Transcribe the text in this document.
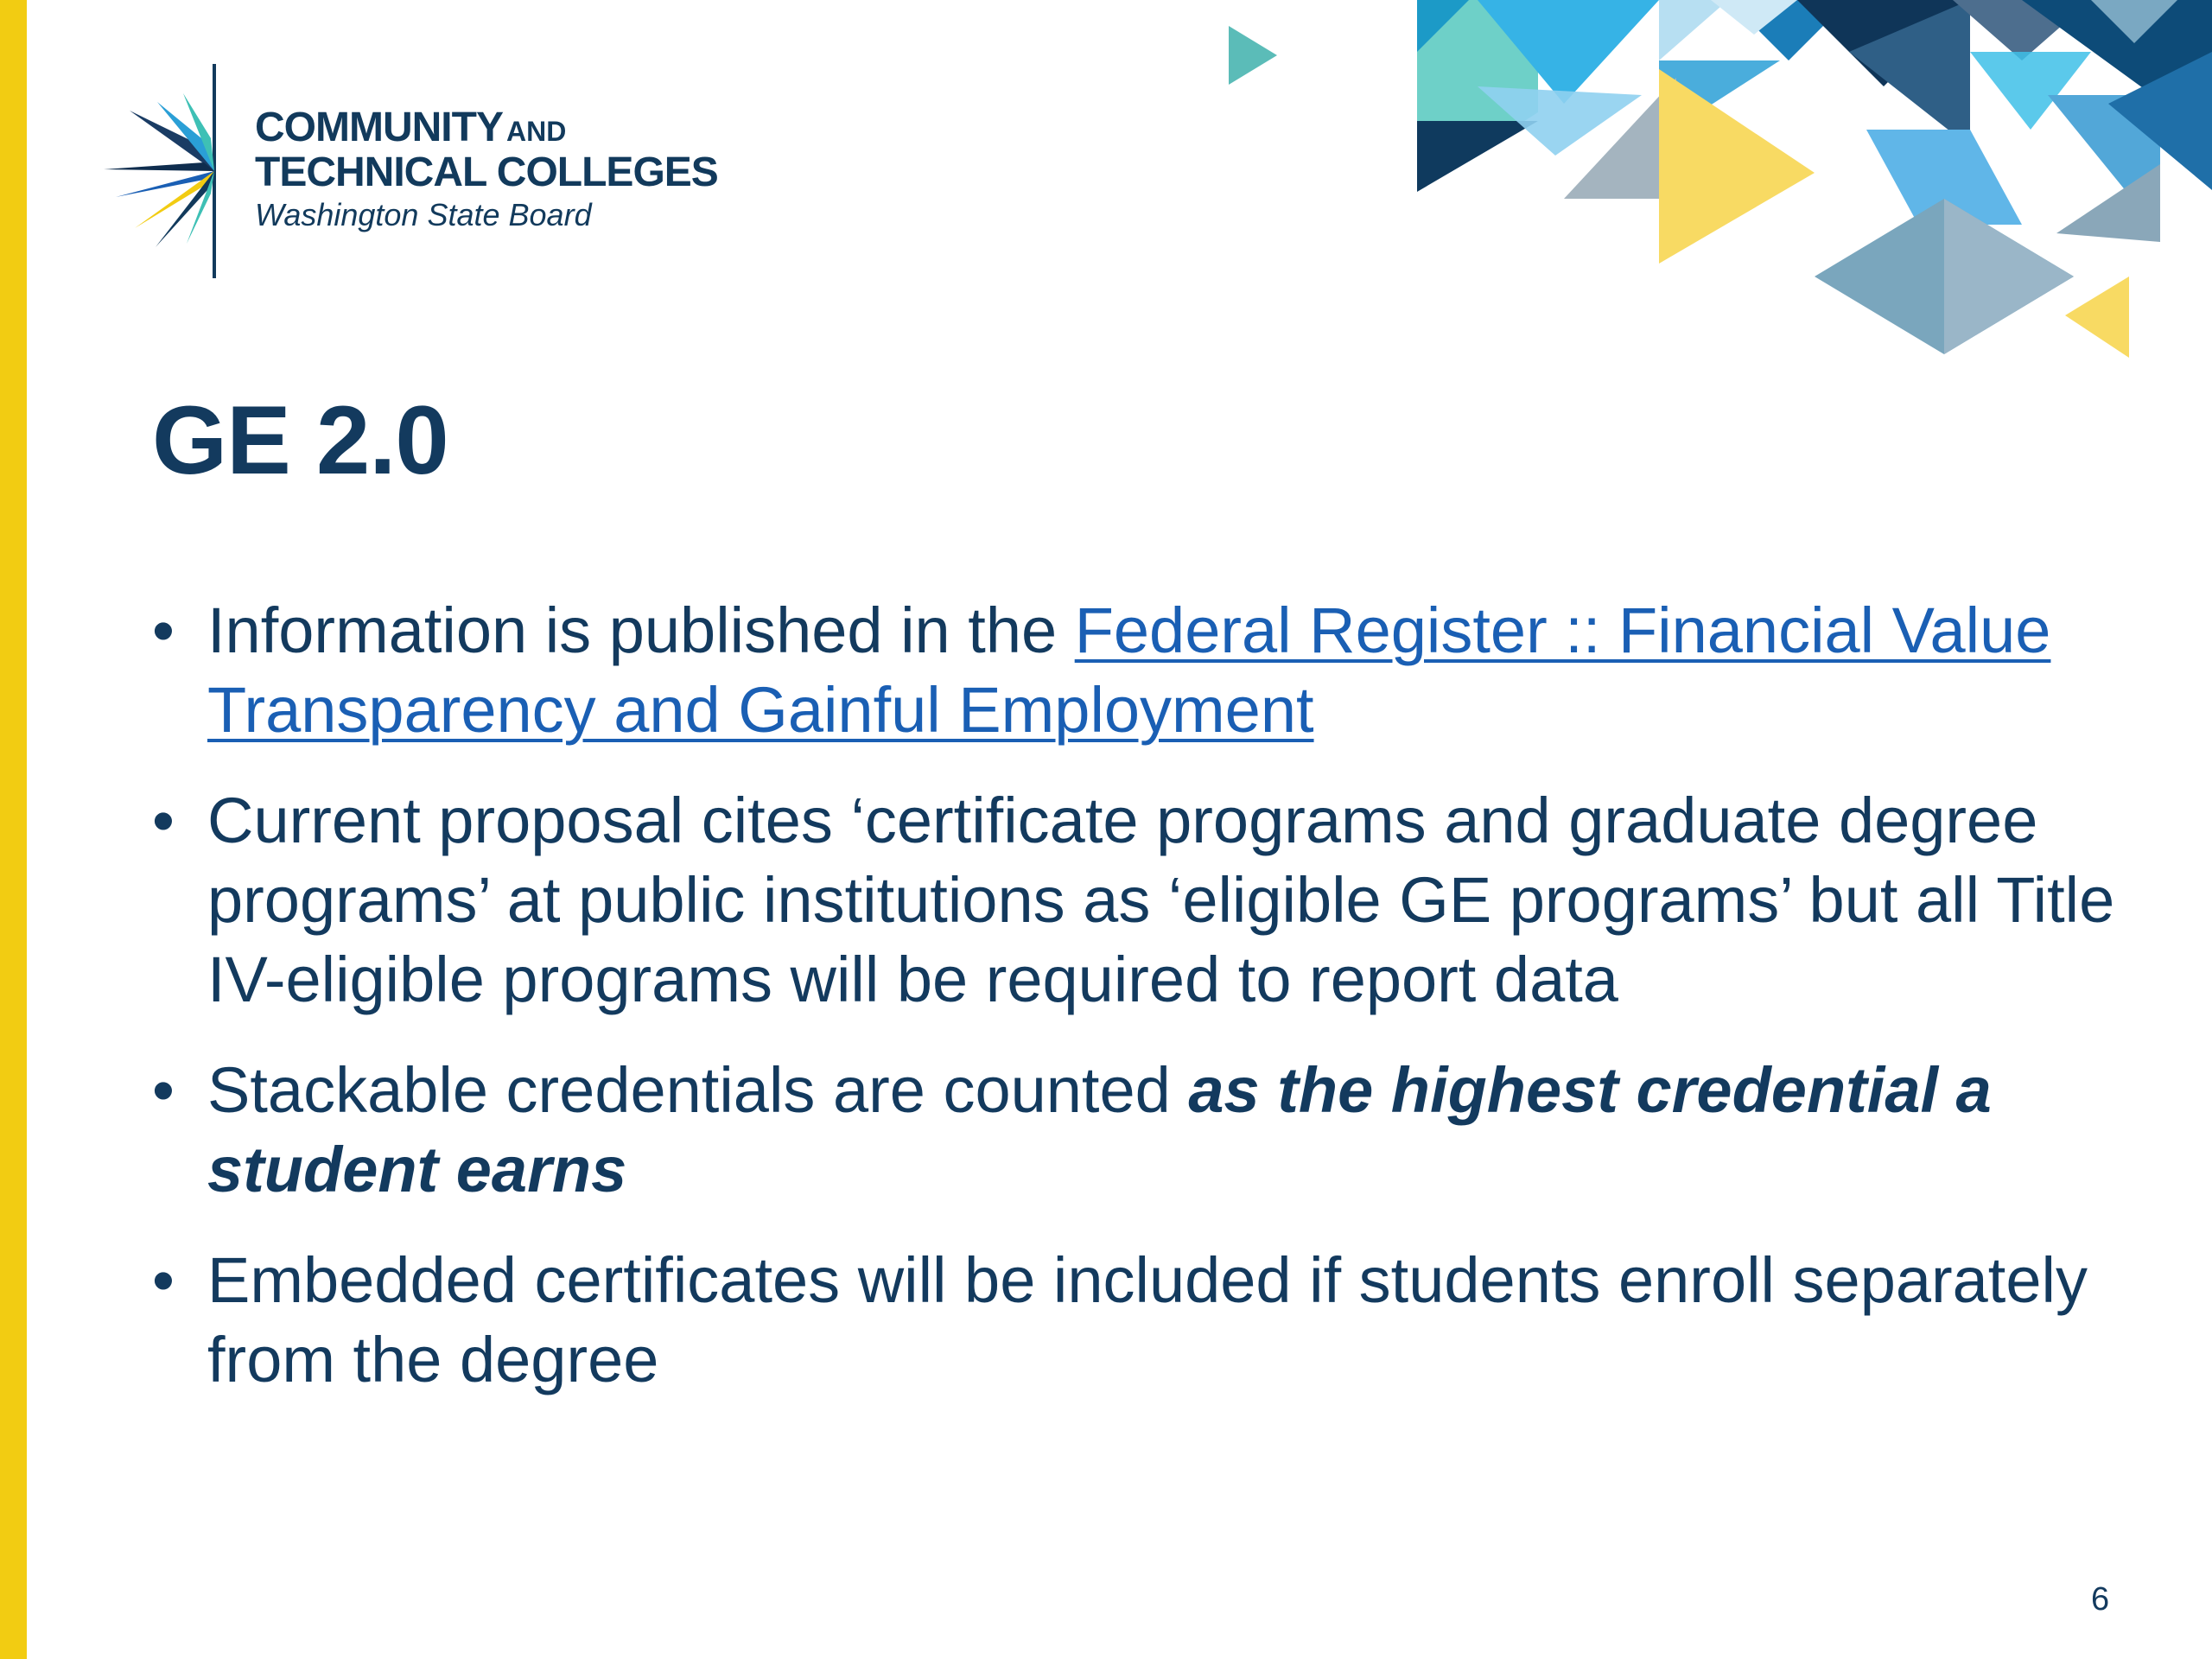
COMMUNITY AND
TECHNICAL COLLEGES
Washington State Board
GE 2.0
• Information is published in the Federal Register :: Financial Value Transparency and Gainful Employment
• Current proposal cites ‘certificate programs and graduate degree programs’ at public institutions as ‘eligible GE programs’ but all Title IV-eligible programs will be required to report data
• Stackable credentials are counted as the highest credential a student earns
• Embedded certificates will be included if students enroll separately from the degree
6
